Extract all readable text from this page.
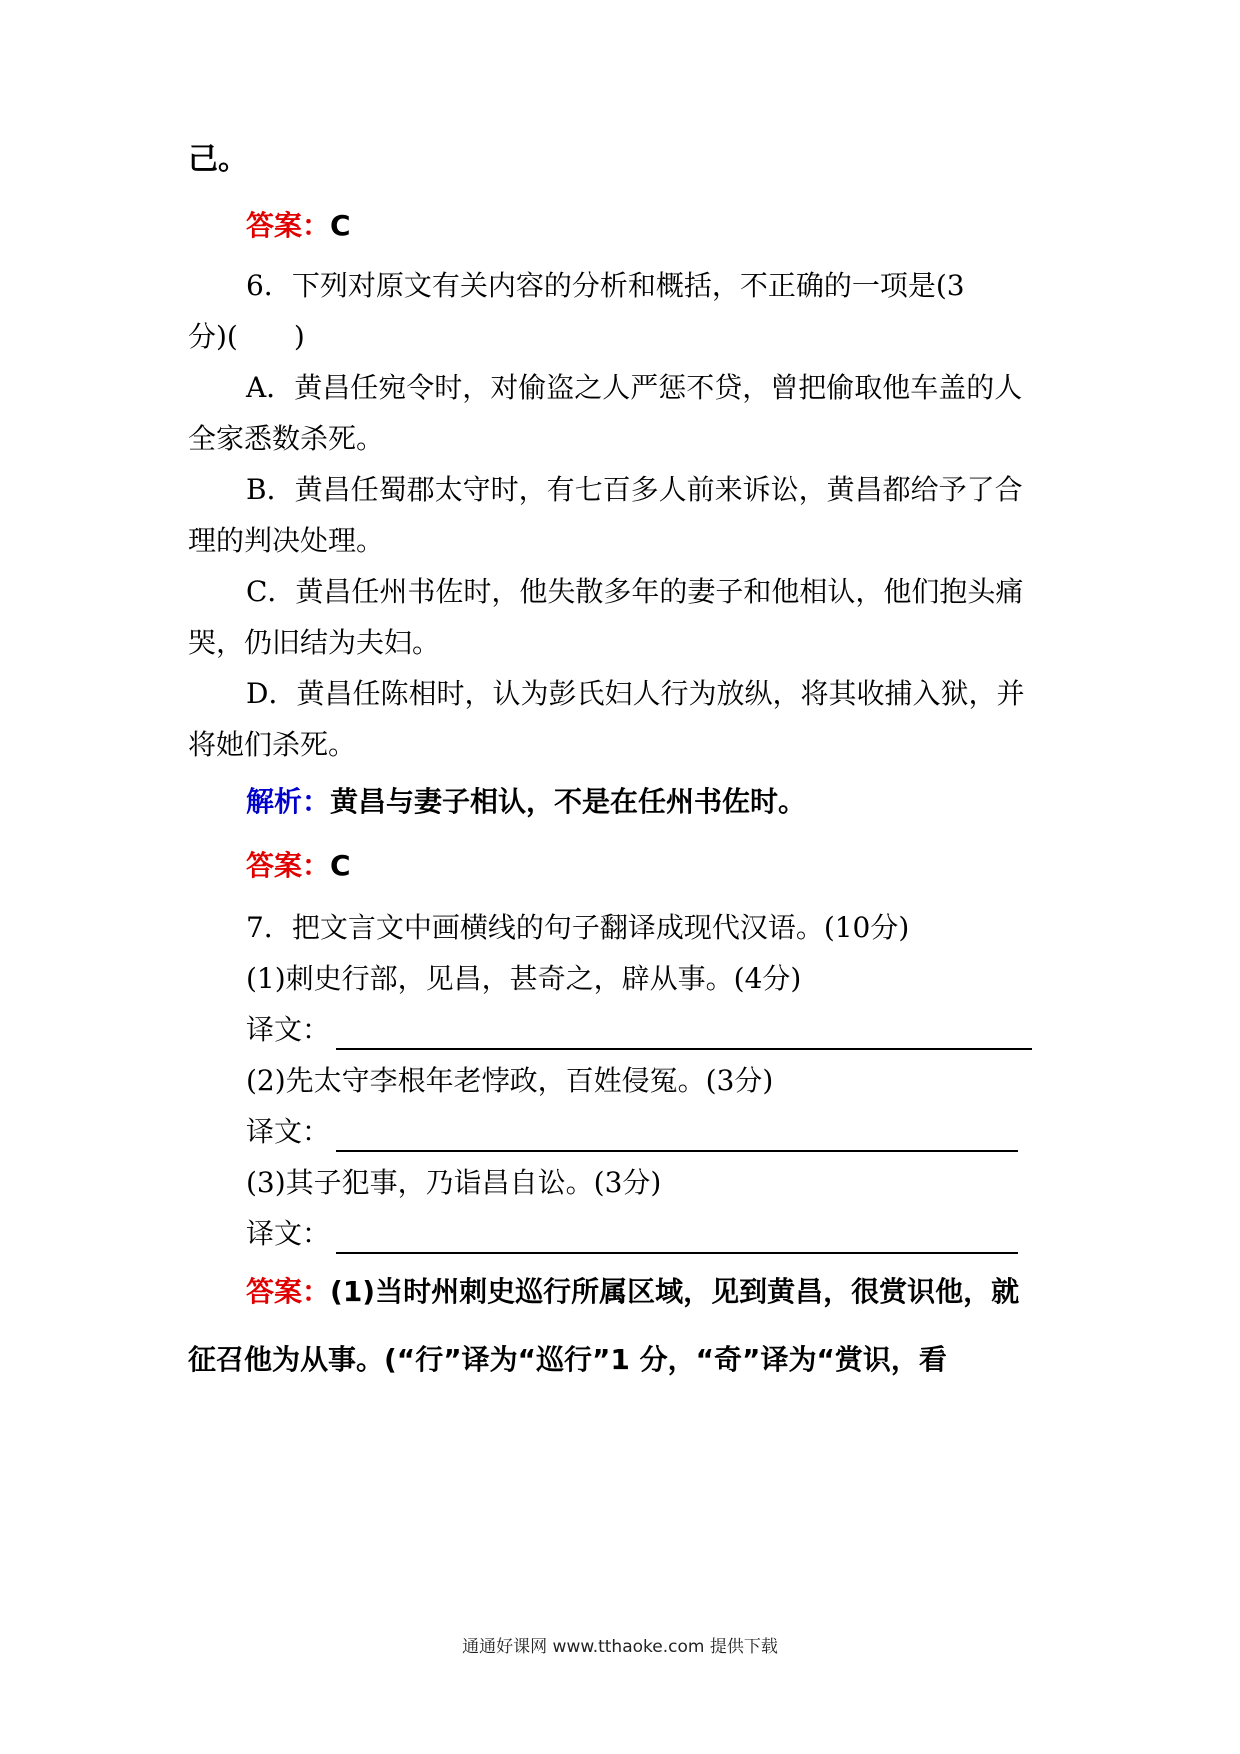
己。
答案：C
6．下列对原文有关内容的分析和概括，不正确的一项是(3
分)(　　)
A．黄昌任宛令时，对偷盗之人严惩不贷，曾把偷取他车盖的人
全家悉数杀死。
B．黄昌任蜀郡太守时，有七百多人前来诉讼，黄昌都给予了合
理的判决处理。
C．黄昌任州书佐时，他失散多年的妻子和他相认，他们抱头痛
哭，仍旧结为夫妇。
D．黄昌任陈相时，认为彭氏妇人行为放纵，将其收捕入狱，并
将她们杀死。
解析：黄昌与妻子相认，不是在任州书佐时。
答案：C
7．把文言文中画横线的句子翻译成现代汉语。(10分)
(1)刺史行部，见昌，甚奇之，辟从事。(4分)
译文：
(2)先太守李根年老悖政，百姓侵冤。(3分)
译文：
(3)其子犯事，乃诣昌自讼。(3分)
译文：
答案：(1)当时州刺史巡行所属区域，见到黄昌，很赏识他，就
征召他为从事。(“行”译为“巡行”1 分，“奇”译为“赏识，看
通通好课网 www.tthaoke.com 提供下载
